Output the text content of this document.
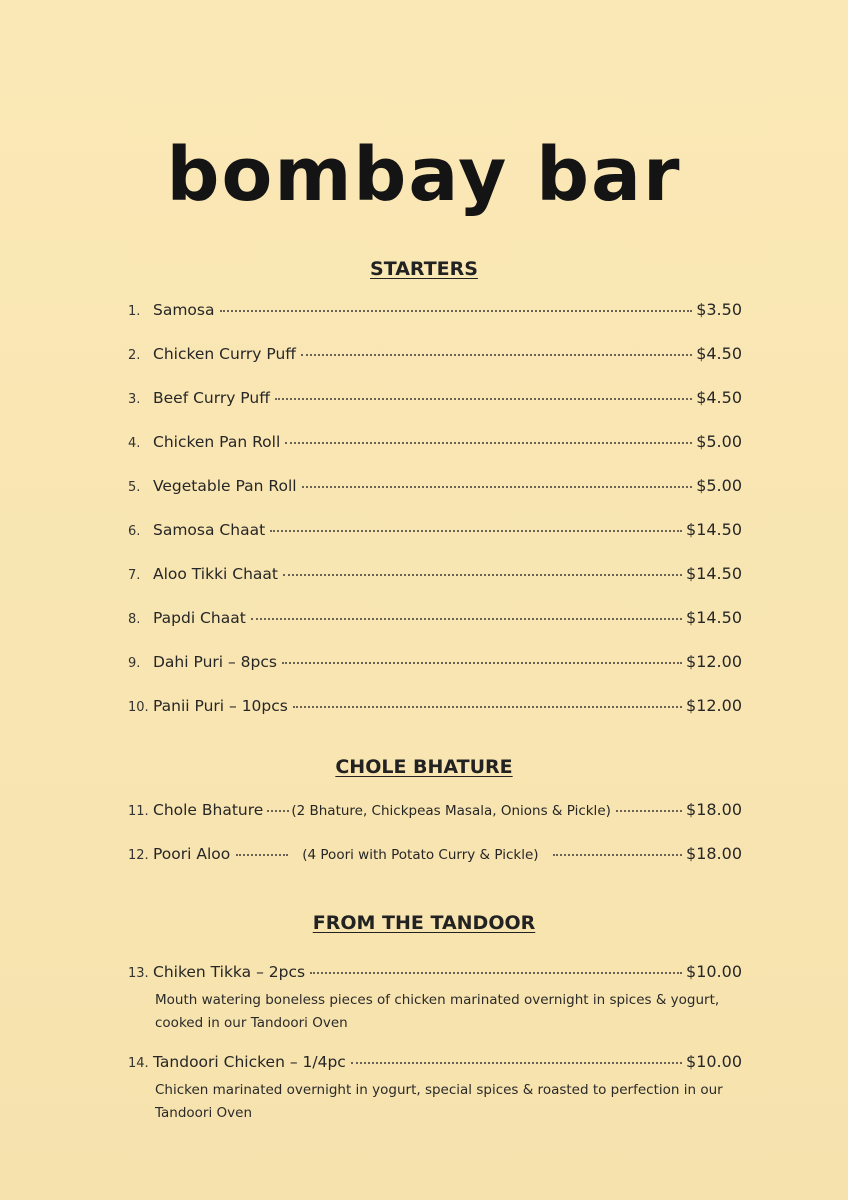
bombay bar
STARTERS
1. Samosa	$3.50
2. Chicken Curry Puff	$4.50
3. Beef Curry Puff	$4.50
4. Chicken Pan Roll	$5.00
5. Vegetable Pan Roll	$5.00
6. Samosa Chaat	$14.50
7. Aloo Tikki Chaat	$14.50
8. Papdi Chaat	$14.50
9. Dahi Puri – 8pcs	$12.00
10. Panii Puri – 10pcs	$12.00
CHOLE BHATURE
11. Chole Bhature (2 Bhature, Chickpeas Masala, Onions & Pickle)	$18.00
12. Poori Aloo	(4 Poori with Potato Curry & Pickle)	$18.00
FROM THE TANDOOR
13. Chiken Tikka – 2pcs	$10.00
Mouth watering boneless pieces of chicken marinated overnight in spices & yogurt,
cooked in our Tandoori Oven
14. Tandoori Chicken – 1/4pc	$10.00
Chicken marinated overnight in yogurt, special spices & roasted to perfection in our
Tandoori Oven
